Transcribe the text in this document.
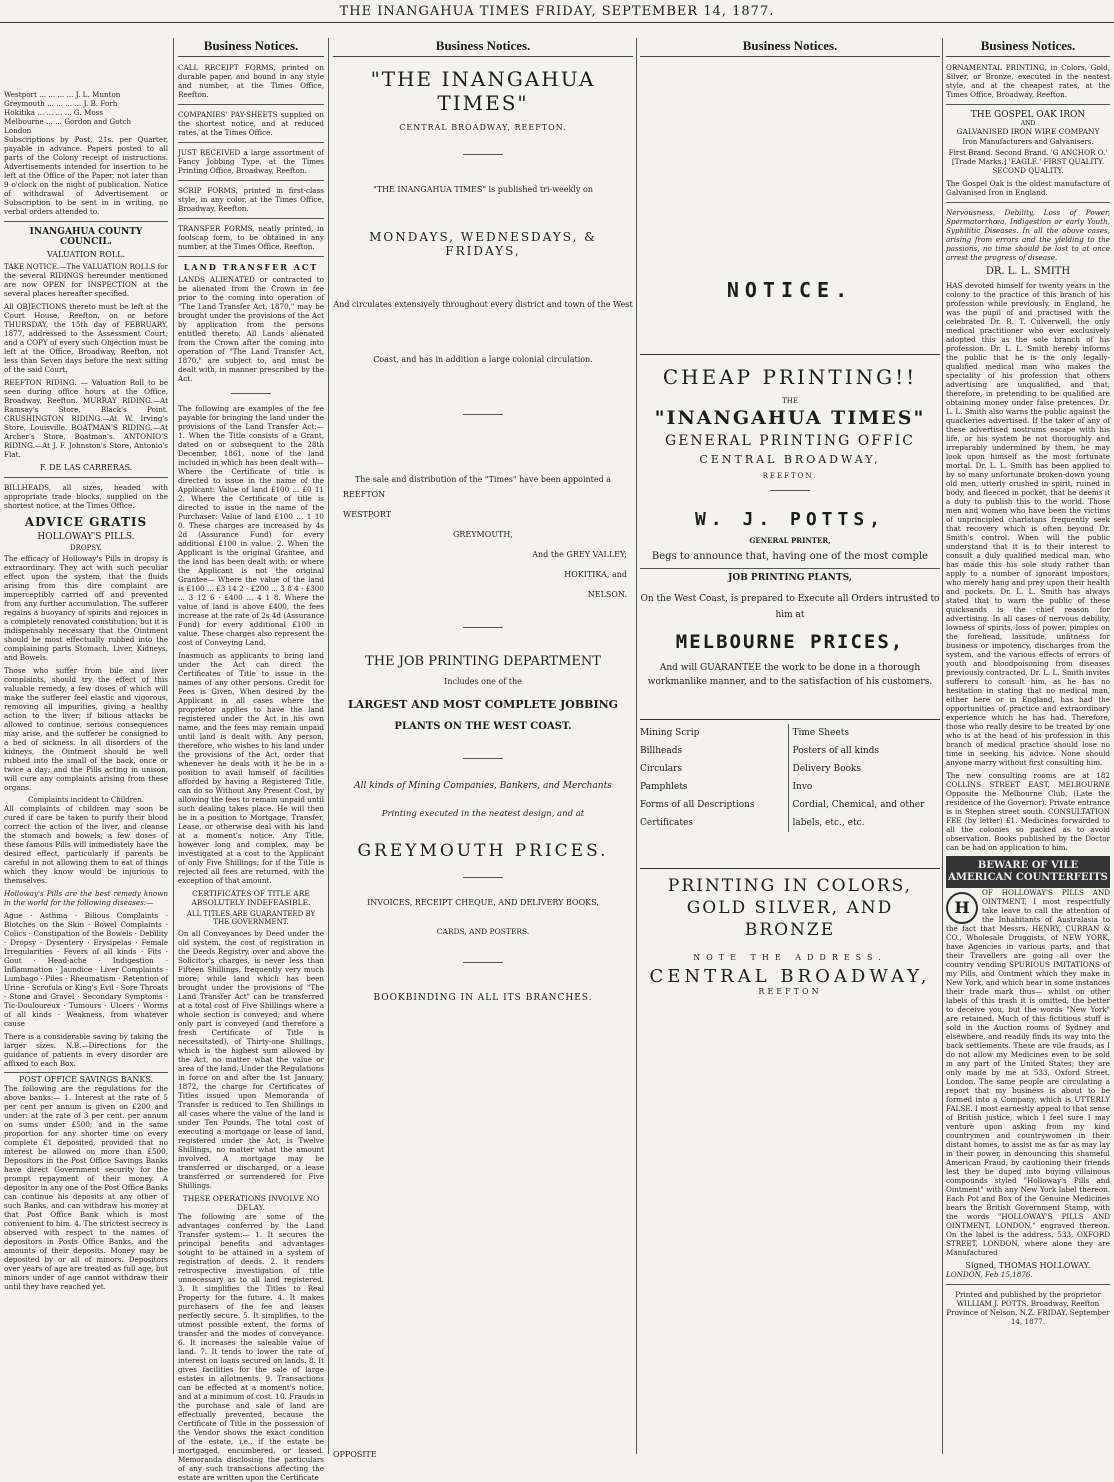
THE INANGAHUA TIMES FRIDAY, SEPTEMBER 14, 1877.
Westport ... ... ... ... J. L. Munton
Greymouth ... ... ... ... J. B. Forh
Hokitika ... ... ... ... G. Moss
Melbourne ... ... Gordon and Gotch
London
Subscriptions by Post, 21s. per Quarter, payable in advance. Papers posted to all parts of the Colony receipt of instructions. Advertisements intended for insertion to be left at the Office of the Paper, not later than 9 o'clock on the night of publication. Notice of withdrawal of Advertisement or Subscription to be sent in in writing, no verbal orders attended to.
INANGAHUA COUNTY COUNCIL.
VALUATION ROLL.
TAKE NOTICE.—The VALUATION ROLLS for the several RIDINGS hereunder mentioned are now OPEN for INSPECTION at the several places hereafter specified.
All OBJECTIONS thereto must be left at the Court House, Reefton, on or before THURSDAY, the 15th day of FEBRUARY, 1877, addressed to the Assessment Court; and a COPY of every such Objection must be left at the Office, Broadway, Reefton, not less than Seven days before the next sitting of the said Court.
REEFTON RIDING. — Valuation Roll to be seen during office hours at the Office, Broadway, Reefton. MURRAY RIDING.—At Ramsay's Store, Black's Point. CRUSHINGTON RIDING.—At W. Irving's Store, Louisville. BOATMAN'S RIDING.—At Archer's Store, Boatman's. ANTONIO'S RIDING.—At J. F. Johnston's Store, Antonio's Flat.
F. DE LAS CARRERAS.
BILLHEADS, all sizes, headed with appropriate trade blocks, supplied on the shortest notice, at the Times Office.
ADVICE GRATIS
HOLLOWAY'S PILLS.
DROPSY.
The efficacy of Holloway's Pills in dropsy is extraordinary. They act with such peculiar effect upon the system, that the fluids arising from this dire complaint are imperceptibly carried off and prevented from any further accumulation. The sufferer regains a buoyancy of spirits and rejoices in a completely renovated constitution; but it is indispensably necessary that the Ointment should be most effectually rubbed into the complaining parts Stomach, Liver, Kidneys, and Bowels.
Those who suffer from bile and liver complaints, should try the effect of this valuable remedy, a few doses of which will make the sufferer feel elastic and vigorous, removing all impurities, giving a healthy action to the liver; if bilious attacks be allowed to continue, serious consequences may arise, and the sufferer be consigned to a bed of sickness. In all disorders of the kidneys, the Ointment should be well rubbed into the small of the back, once or twice a day; and the Pills acting in unison, will cure any complaints arising from these organs.
Complaints incident to Children.
All complaints of children may soon be cured if care be taken to purify their blood correct the action of the liver, and cleanse the stomach and bowels; a few doses of these famous Pills will immediately have the desired effect, particularly if parents be careful in not allowing them to eat of things which they know would be injurious to themselves.
Holloway's Pills are the best remedy known in the world for the following diseases:—
Ague · Asthma · Bilious Complaints · Blotches on the Skin · Bowel Complaints · Colics · Constipation of the Bowels · Debility · Dropsy · Dysentery · Erysipelas · Female Irregularities · Fevers of all kinds · Fits · Gout · Head-ache · Indigestion · Inflammation · Jaundice · Liver Complaints · Lumbago · Piles · Rheumatism · Retention of Urine · Scrofula or King's Evil · Sore Throats · Stone and Gravel · Secondary Symptoms · Tic-Douloureux · Tumours · Ulcers · Worms of all kinds · Weakness, from whatever cause
There is a considerable saving by taking the larger sizes. N.B.—Directions for the guidance of patients in every disorder are affixed to each Box.
POST OFFICE SAVINGS BANKS.
The following are the regulations for the above banks:— 1. Interest at the rate of 5 per cent per annum is given on £200 and under: at the rate of 3 per cent. per annum on sums under £500; and in the same proportion for any shorter time on every complete £1 deposited, provided that no interest be allowed on more than £500. Depositors in the Post Office Savings Banks have direct Government security for the prompt repayment of their money. A depositor in any one of the Post Office Banks can continue his deposits at any other of such Banks, and can withdraw his money at that Post Office Bank which is most convenient to him. 4. The strictest secrecy is observed with respect to the names of depositors in Posts Office Banks, and the amounts of their deposits. Money may be deposited by or all of minors. Depositors over years of age are treated as full age, but minors under of age cannot withdraw their until they have reached yet.
Business Notices.
CALL RECEIPT FORMS, printed on durable paper, and bound in any style and number, at the Times Office, Reefton.
COMPANIES' PAY-SHEETS supplied on the shortest notice, and at reduced rates, at the Times Office.
JUST RECEIVED a large assortment of Fancy Jobbing Type, at the Times Printing Office, Broadway, Reefton.
SCRIP FORMS, printed in first-class style, in any color, at the Times Office, Broadway, Reefton.
TRANSFER FORMS, neatly printed, in foolscap form, to be obtained in any number, at the Times Office, Reefton.
LAND TRANSFER ACT
LANDS ALIENATED or contracted to be alienated from the Crown in fee prior to the coming into operation of "The Land Transfer Act, 1870," may be brought under the provisions of the Act by application from the persons entitled thereto. All Lands alienated from the Crown after the coming into operation of "The Land Transfer Act, 1870," are subject to, and must be dealt with, in manner prescribed by the Act.
The following are examples of the fee payable for bringing the land under the provisions of the Land Transfer Act:— 1. When the Title consists of a Grant, dated on or subsequent to the 28th December, 1861, none of the land included in which has been dealt with— Where the Certificate of title is directed to issue in the name of the Applicant: Value of land £100 ... £0 11 2. Where the Certificate of title is directed to issue in the name of the Purchaser: Value of land £100 ... 1 10 0. These charges are increased by 4s 2d (Assurance Fund) for every additional £100 in value. 2. When the Applicant is the original Grantee, and the land has been dealt with; or where the Applicant is not the original Grantee— Where the value of the land is £100 ... £3 14 2 · £200 ... 3 8 4 · £300 ... 3 12 6 · £400 ... 4 1 8. Where the value of land is above £400, the fees increase at the rate of 2s 4d (Assurance Fund) for every additional £100 in value. These charges also represent the cost of Conveying Land.
Inasmuch as applicants to bring land under the Act can direct the Certificates of Title to issue in the names of any other persons. Credit for Fees is Given, When desired by the Applicant in all cases where the proprietor applies to have the land registered under the Act in his own name, and the fees may remain unpaid until land is dealt with. Any person, therefore, who wishes to his land under the provisions of the Act, order that whenever he deals with it he be in a position to avail himself of facilities afforded by having a Registered Title, can do so Without Any Present Cost, by allowing the fees to remain unpaid until such dealing takes place. He will then be in a position to Mortgage, Transfer, Lease, or otherwise deal with his land at a moment's notice. Any Title, however long and complex, may be investigated at a cost to the Applicant of only Five Shillings; for if the Title is rejected all fees are returned, with the exception of that amount.
CERTIFICATES OF TITLE ARE ABSOLUTELY INDEFEASIBLE.
ALL TITLES ARE GUARANTEED BY THE GOVERNMENT.
On all Conveyances by Deed under the old system, the cost of registration in the Deeds Registry, over and above the Solicitor's charges, is never less than Fifteen Shillings, frequently very much more; while land which has been brought under the provisions of "The Land Transfer Act" can be transferred at a total cost of Five Shillings where a whole section is conveyed; and where only part is conveyed (and therefore a fresh Certificate of Title is necessitated), of Thirty-one Shillings, which is the highest sum allowed by the Act, no matter what the value or area of the land. Under the Regulations in force on and after the 1st January, 1872, the charge for Certificates of Titles issued upon Memoranda of Transfer is reduced to Ten Shillings in all cases where the value of the land is under Ten Pounds. The total cost of executing a mortgage or lease of land, registered under the Act, is Twelve Shillings, no matter what the amount involved. A mortgage may be transferred or discharged, or a lease transferred or surrendered for Five Shillings.
THESE OPERATIONS INVOLVE NO DELAY.
The following are some of the advantages conferred by the Land Transfer system:— 1. It secures the principal benefits and advantages sought to be attained in a system of registration of deeds. 2. It renders retrospective investigation of title unnecessary as to all land registered. 3. It simplifies the Titles to Real Property for the future. 4. It makes purchasers of the fee and leases perfectly secure. 5. It simplifies, to the utmost possible extent, the forms of transfer and the modes of conveyance. 6. It increases the saleable value of land. 7. It tends to lower the rate of interest on loans secured on lands. 8. It gives facilities for the sale of large estates in allotments. 9. Transactions can be effected at a moment's notice, and at a minimum of cost. 10. Frauds in the purchase and sale of land are effectually prevented, because the Certificate of Title in the possession of the Vendor shows the exact condition of the estate, i.e., if the estate be mortgaged, encumbered, or leased. Memoranda disclosing the particulars of any such transactions affecting the estate are written upon the Certificate
Business Notices.
"THE INANGAHUA TIMES"
CENTRAL BROADWAY, REEFTON.
"THE INANGAHUA TIMES" is published tri-weekly on
MONDAYS, WEDNESDAYS, & FRIDAYS,
And circulates extensively throughout every district and town of the West
Coast, and has in addition a large colonial circulation.
The sale and distribution of the "Times" have been appointed a
REEFTON
WESTPORT
GREYMOUTH,
And the GREY VALLEY;
HOKITIKA, and
NELSON.
THE JOB PRINTING DEPARTMENT
Includes one of the
LARGEST AND MOST COMPLETE JOBBING
PLANTS ON THE WEST COAST.
All kinds of Mining Companies, Bankers, and Merchants
Printing executed in the neatest design, and at
GREYMOUTH PRICES.
INVOICES, RECEIPT CHEQUE, AND DELIVERY BOOKS,
CARDS, AND POSTERS.
BOOKBINDING IN ALL ITS BRANCHES.
OPPOSITE
Business Notices.
NOTICE.
CHEAP PRINTING!!
THE
"INANGAHUA TIMES"
GENERAL PRINTING OFFIC
CENTRAL BROADWAY,
REEFTON.
W. J. POTTS,
GENERAL PRINTER,
Begs to announce that, having one of the most comple
JOB PRINTING PLANTS,
On the West Coast, is prepared to Execute all Orders intrusted to him at
MELBOURNE PRICES,
And will GUARANTEE the work to be done in a thorough workmanlike manner, and to the satisfaction of his customers.
Mining Scrip
Billheads
Circulars
Pamphlets
Forms of all Descriptions
Certificates
Time Sheets
Posters of all kinds
Delivery Books
Invo
Cordial, Chemical, and other
labels, etc., etc.
PRINTING IN COLORS, GOLD SILVER, AND BRONZE
NOTE THE ADDRESS.
CENTRAL BROADWAY,
REEFTON
Business Notices.
ORNAMENTAL PRINTING, in Colors, Gold, Silver, or Bronze, executed in the neatest style, and at the cheapest rates, at the Times Office, Broadway, Reefton.
THE GOSPEL OAK IRON
AND
GALVANISED IRON WIRE COMPANY
Iron Manufacturers and Galvanisers.
First Brand. Second Brand. 'G ANCHOR O.' [Trade Marks.] 'EAGLE.' FIRST QUALITY. SECOND QUALITY.
The Gospel Oak is the oldest manufacture of Galvanised Iron in England.
Nervousness, Debility, Loss of Power, Spermatorrhœa, Indigestion or early Youth, Syphilitic Diseases. In all the above cases, arising from errors and the yielding to the passions, no time should be lost to at once arrest the progress of disease.
DR. L. L. SMITH
HAS devoted himself for twenty years in the colony to the practice of this branch of his profession while previously, in England, he was the pupil of and practised with the celebrated Dr. R. T. Culverwell, the only medical practitioner who ever exclusively adopted this as the sole branch of his profession. Dr. L. L. Smith hereby informs the public that he is the only legally-qualified medical man who makes the speciality of his profession that others advertising are unqualified, and that, therefore, in pretending to be qualified are obtaining money under false pretences. Dr. L. L. Smith also warns the public against the quackeries advertised. If the taker of any of these advertised nostrums escape with his life, or his system be not thoroughly and irreparably undermined by them, he may look upon himself as the most fortunate mortal. Dr. L. L. Smith has been applied to by so many unfortunate broken-down young old men, utterly crushed in spirit, ruined in body, and fleeced in pocket, that he deems it a duty to publish this to the world. Those men and women who have been the victims of unprincipled charlatans frequently seek that recovery which is often beyond Dr. Smith's control. When will the public understand that it is to their interest to consult a duly qualified medical man, who has made this his sole study rather than apply to a number of ignorant impostors, who merely hang and prey upon their health and pockets. Dr. L. L. Smith has always stated that to warn the public of these quicksands is the chief reason for advertising. In all cases of nervous debility, lowness of spirits, loss of power, pimples on the forehead, lassitude, unfitness for business or impotency, discharges from the system, and the various effects of errors of youth and bloodpoisoning from diseases previously contracted, Dr. L. L. Smith invites sufferers to consult him, as he has no hesitation in stating that no medical man, either here or in England, has had the opportunities of practice and extraordinary experience which he has had. Therefore, those who really desire to be treated by one who is at the head of his profession in this branch of medical practice should lose no time in seeking his advice. None should anyone marry without first consulting him.
The new consulting rooms are at 182 COLLINS STREET EAST, MELBOURNE Opposite the Melbourne Club, (Late the residence of the Governor). Private entrance is in Stephen street south. CONSULTATION FEE (by letter) £1. Medicines forwarded to all the colonies so packed as to avoid observation. Books published by the Doctor can be had on application to him.
BEWARE OF VILE AMERICAN COUNTERFEITS
H
OF HOLLOWAY'S PILLS AND OINTMENT, I most respectfully take leave to call the attention of the Inhabitants of Australasia to the fact that Messrs. HENRY, CURRAN & CO., Wholesale Druggists, of NEW YORK, have Agencies in various parts, and that their Travellers are going all over the country vending SPURIOUS IMITATIONS of my Pills, and Ointment which they make in New York, and which bear in some instances their trade mark thus— whilst on other labels of this trash it is omitted, the better to deceive you, but the words "New York" are retained. Much of this fictitious stuff is sold in the Auction rooms of Sydney and elsewhere, and readily finds its way into the back settlements. These are vile frauds, as I do not allow my Medicines even to be sold in any part of the United States; they are only made by me at 533, Oxford Street, London. The same people are circulating a report that my business is about to be formed into a Company, which is UTTERLY FALSE. I most earnestly appeal to that sense of British justice, which I feel sure I may venture upon asking from my kind countrymen and countrywomen in their distant homes, to assist me as far as may lay in their power, in denouncing this shameful American Fraud, by cautioning their friends lest they be duped into buying villainous compounds styled "Holloway's Pills and Ointment" with any New York label thereon. Each Pot and Box of the Genuine Medicines bears the British Government Stamp, with the words "HOLLOWAY'S PILLS AND OINTMENT, LONDON," engraved thereon. On the label is the address, 533, OXFORD STREET, LONDON, where alone they are Manufactured
Signed, THOMAS HOLLOWAY.
LONDON, Feb 15,1876.
Printed and published by the proprietor WILLIAM J. POTTS, Broadway, Reefton Province of Nelson, N.Z. FRIDAY, September 14, 1877.
